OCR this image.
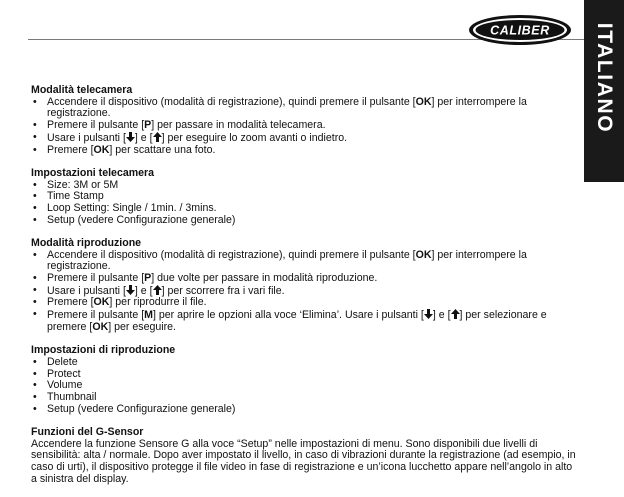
CALIBER ITALIANO
Modalità telecamera
• Accendere il dispositivo (modalità di registrazione), quindi premere il pulsante [OK] per interrompere la registrazione.
• Premere il pulsante [P] per passare in modalità telecamera.
• Usare i pulsanti [ ] e [ ] per eseguire lo zoom avanti o indietro.
• Premere [OK] per scattare una foto.
Impostazioni telecamera
• Size: 3M or 5M
• Time Stamp
• Loop Setting: Single / 1min. / 3mins.
• Setup (vedere Configurazione generale)
Modalità riproduzione
• Accendere il dispositivo (modalità di registrazione), quindi premere il pulsante [OK] per interrompere la registrazione.
• Premere il pulsante [P] due volte per passare in modalità riproduzione.
• Usare i pulsanti [ ] e [ ] per scorrere fra i vari file.
• Premere [OK] per riprodurre il file.
• Premere il pulsante [M] per aprire le opzioni alla voce ‘Elimina’. Usare i pulsanti [ ] e [ ] per selezionare e premere [OK] per eseguire.
Impostazioni di riproduzione
• Delete
• Protect
• Volume
• Thumbnail
• Setup (vedere Configurazione generale)
Funzioni del G-Sensor

Accendere la funzione Sensore G alla voce “Setup” nelle impostazioni di menu. Sono disponibili due livelli di sensibilità: alta / normale. Dopo aver impostato il livello, in caso di vibrazioni durante la registrazione (ad esempio, in caso di urti), il dispositivo protegge il file video in fase di registrazione e un’icona lucchetto appare nell’angolo in alto a sinistra del display.
